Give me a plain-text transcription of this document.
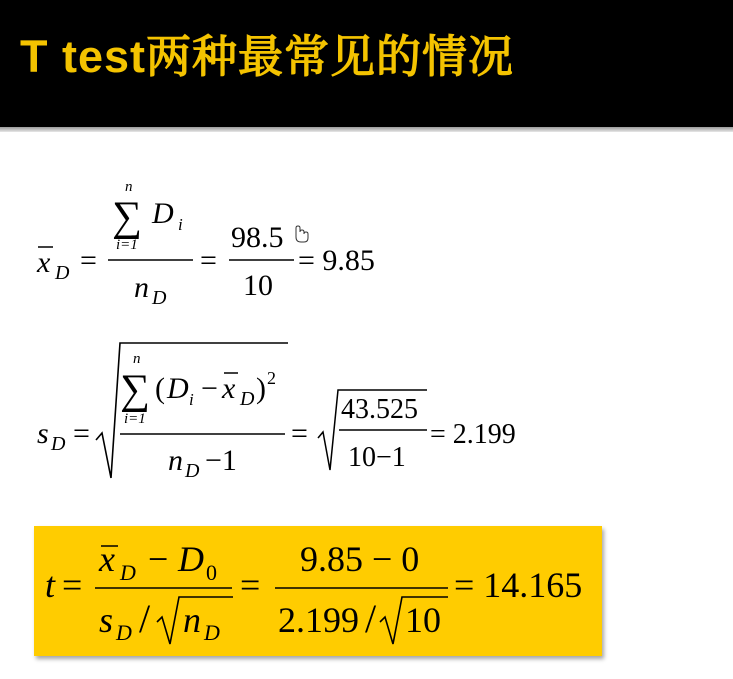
T test两种最常见的情况
x D =
n
∑
i=1
D i
n D
=
98.5
10
= 9.85
s D =
n
∑
i=1
( D i − x D ) 2
n D −1
=
43.525
10−1
= 2.199
t =
x D − D 0
s D / n D
=
9.85 − 0
2.199 / 10
= 14.165
